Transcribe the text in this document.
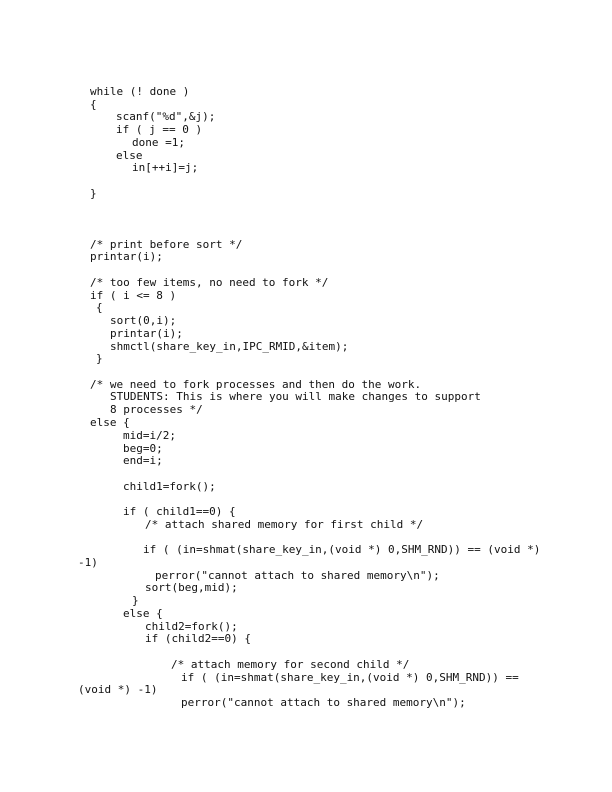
while (! done )
{
scanf("%d",&j);
if ( j == 0 )
done =1;
else
in[++i]=j;
}
/* print before sort */
printar(i);
/* too few items, no need to fork */
if ( i <= 8 )
{
sort(0,i);
printar(i);
shmctl(share_key_in,IPC_RMID,&item);
}
/* we need to fork processes and then do the work.
STUDENTS: This is where you will make changes to support
8 processes */
else {
mid=i/2;
beg=0;
end=i;
child1=fork();
if ( child1==0) {
/* attach shared memory for first child */
if ( (in=shmat(share_key_in,(void *) 0,SHM_RND)) == (void *)
-1)
perror("cannot attach to shared memory\n");
sort(beg,mid);
}
else {
child2=fork();
if (child2==0) {
/* attach memory for second child */
if ( (in=shmat(share_key_in,(void *) 0,SHM_RND)) ==
(void *) -1)
perror("cannot attach to shared memory\n");
